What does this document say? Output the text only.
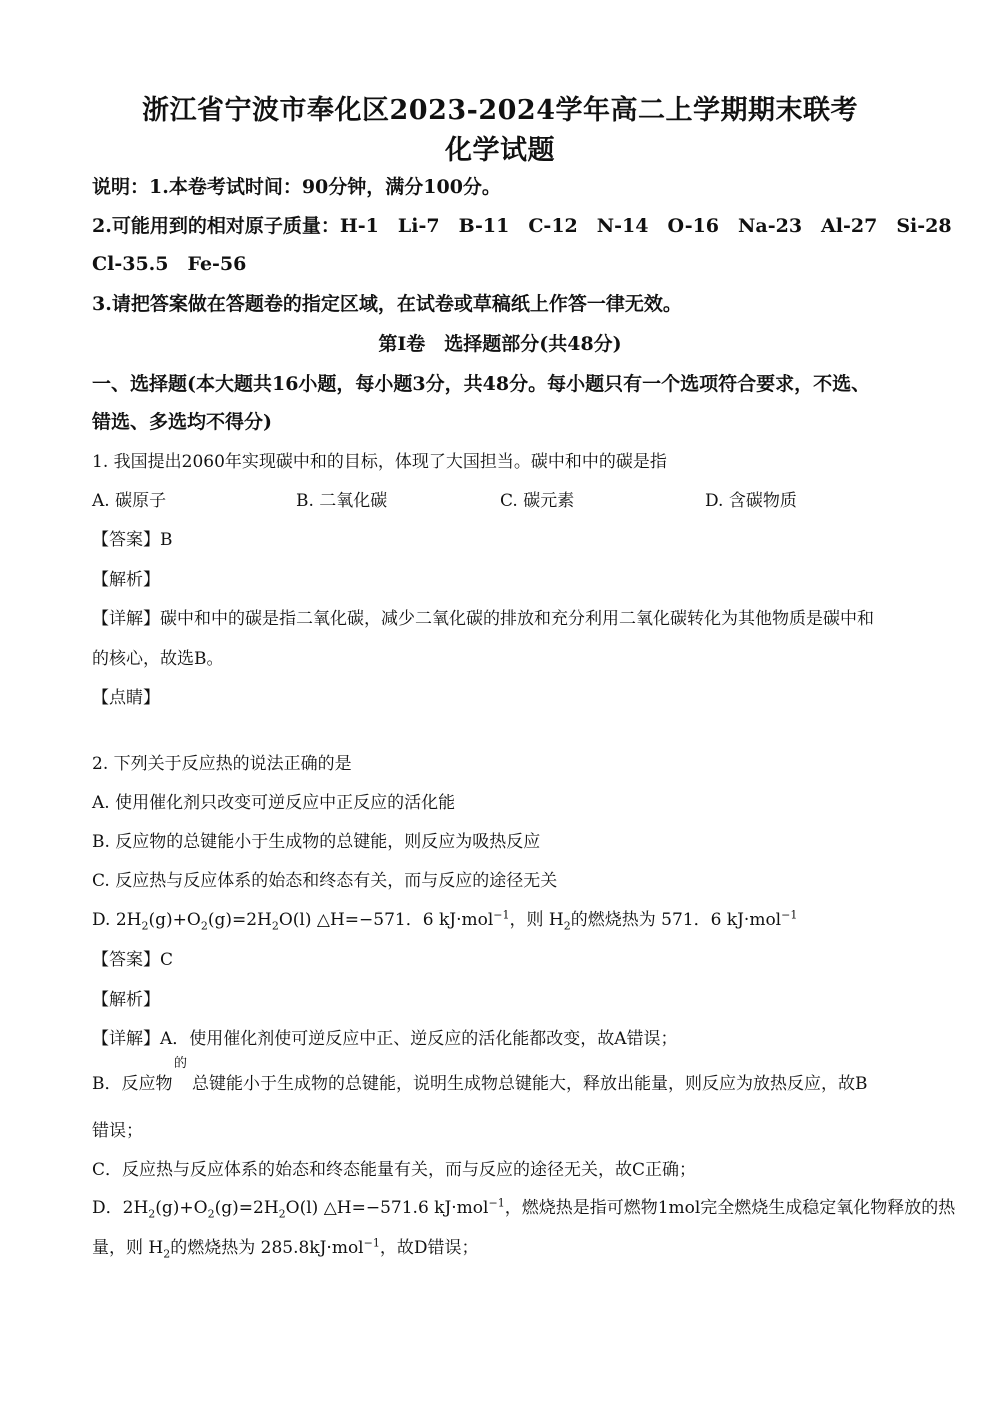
浙江省宁波市奉化区2023-2024学年高二上学期期末联考
化学试题
说明：1.本卷考试时间：90分钟，满分100分。
2.可能用到的相对原子质量：H-1　Li-7　B-11　C-12　N-14　O-16　Na-23　Al-27　Si-28
Cl-35.5　Fe-56
3.请把答案做在答题卷的指定区域，在试卷或草稿纸上作答一律无效。
第Ⅰ卷　选择题部分(共48分)
一、选择题(本大题共16小题，每小题3分，共48分。每小题只有一个选项符合要求，不选、
错选、多选均不得分)
1. 我国提出2060年实现碳中和的目标，体现了大国担当。碳中和中的碳是指
A. 碳原子	B. 二氧化碳	C. 碳元素	D. 含碳物质
【答案】B
【解析】
【详解】碳中和中的碳是指二氧化碳，减少二氧化碳的排放和充分利用二氧化碳转化为其他物质是碳中和
的核心，故选B。
【点睛】
2. 下列关于反应热的说法正确的是
A. 使用催化剂只改变可逆反应中正反应的活化能
B. 反应物的总键能小于生成物的总键能，则反应为吸热反应
C. 反应热与反应体系的始态和终态有关，而与反应的途径无关
D. $2H_2(g)+O_2(g)=2H_2O(l)$ △H=−571．6 kJ·mol$^{-1}$，则 $H_2$的燃烧热为 571．6 kJ·mol$^{-1}$
【答案】C
【解析】
【详解】A．使用催化剂使可逆反应中正、逆反应的活化能都改变，故A错误；
的
B．反应物 总键能小于生成物的总键能，说明生成物总键能大，释放出能量，则反应为放热反应，故B
错误；
C．反应热与反应体系的始态和终态能量有关，而与反应的途径无关，故C正确；
D．$2H_2(g)+O_2(g)=2H_2O(l)$ △H=−571.6 kJ·mol$^{-1}$，燃烧热是指可燃物1mol完全燃烧生成稳定氧化物释放的热
量，则 $H_2$的燃烧热为 285.8kJ·mol$^{-1}$，故D错误；
